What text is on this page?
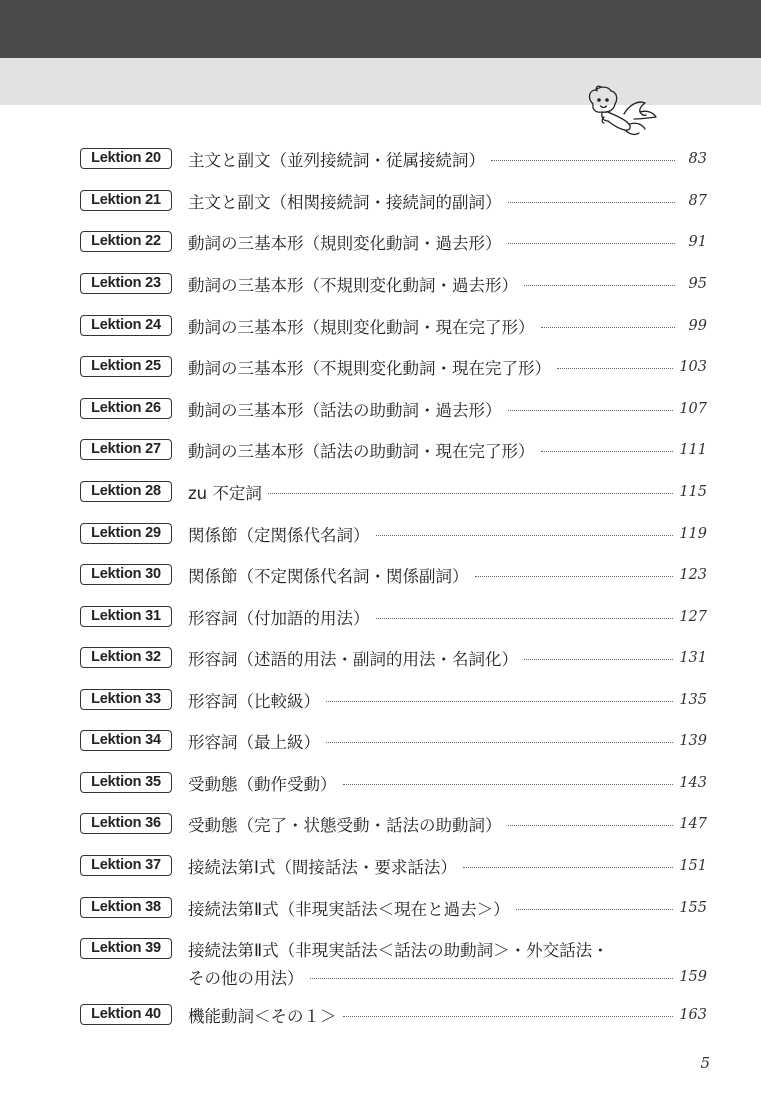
Lektion 20	主文と副文（並列接続詞・従属接続詞）	83
Lektion 21	主文と副文（相関接続詞・接続詞的副詞）	87
Lektion 22	動詞の三基本形（規則変化動詞・過去形）	91
Lektion 23	動詞の三基本形（不規則変化動詞・過去形）	95
Lektion 24	動詞の三基本形（規則変化動詞・現在完了形）	99
Lektion 25	動詞の三基本形（不規則変化動詞・現在完了形）	103
Lektion 26	動詞の三基本形（話法の助動詞・過去形）	107
Lektion 27	動詞の三基本形（話法の助動詞・現在完了形）	111
Lektion 28	zu 不定詞	115
Lektion 29	関係節（定関係代名詞）	119
Lektion 30	関係節（不定関係代名詞・関係副詞）	123
Lektion 31	形容詞（付加語的用法）	127
Lektion 32	形容詞（述語的用法・副詞的用法・名詞化）	131
Lektion 33	形容詞（比較級）	135
Lektion 34	形容詞（最上級）	139
Lektion 35	受動態（動作受動）	143
Lektion 36	受動態（完了・状態受動・話法の助動詞）	147
Lektion 37	接続法第Ⅰ式（間接話法・要求話法）	151
Lektion 38	接続法第Ⅱ式（非現実話法＜現在と過去＞）	155
Lektion 39	接続法第Ⅱ式（非現実話法＜話法の助動詞＞・外交話法・
その他の用法）	159
Lektion 40	機能動詞＜その１＞	163
5
